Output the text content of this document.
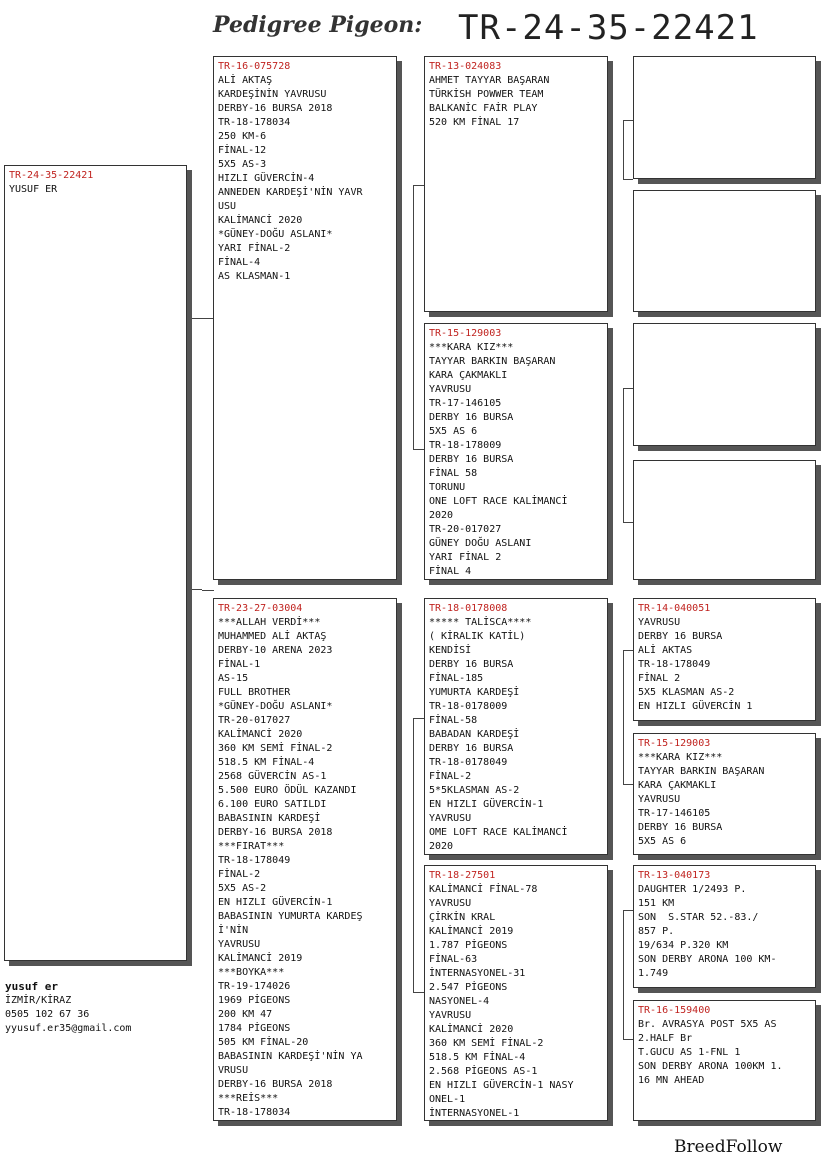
Pedigree Pigeon: TR-24-35-22421
TR-24-35-22421
YUSUF ER
TR-16-075728
ALİ AKTAŞ
KARDEŞİNİN YAVRUSU
DERBY-16 BURSA 2018
TR-18-178034
250 KM-6
FİNAL-12
5X5 AS-3
HIZLI GÜVERCİN-4
ANNEDEN KARDEŞİ'NİN YAVR
USU
KALİMANCİ 2020
*GÜNEY-DOĞU ASLANI*
YARI FİNAL-2
FİNAL-4
AS KLASMAN-1
TR-23-27-03004
***ALLAH VERDİ***
MUHAMMED ALİ AKTAŞ
DERBY-10 ARENA 2023
FİNAL-1
AS-15
FULL BROTHER
*GÜNEY-DOĞU ASLANI*
TR-20-017027
KALİMANCİ 2020
360 KM SEMİ FİNAL-2
518.5 KM FİNAL-4
2568 GÜVERCİN AS-1
5.500 EURO ÖDÜL KAZANDI
6.100 EURO SATILDI
BABASININ KARDEŞİ
DERBY-16 BURSA 2018
***FIRAT***
TR-18-178049
FİNAL-2
5X5 AS-2
EN HIZLI GÜVERCİN-1
BABASININ YUMURTA KARDEŞ
İ'NİN
YAVRUSU
KALİMANCİ 2019
***BOYKA***
TR-19-174026
1969 PİGEONS
200 KM 47
1784 PİGEONS
505 KM FİNAL-20
BABASININ KARDEŞİ'NİN YA
VRUSU
DERBY-16 BURSA 2018
***REİS***
TR-18-178034
TR-13-024083
AHMET TAYYAR BAŞARAN
TÜRKİSH POWWER TEAM
BALKANİC FAİR PLAY
520 KM FİNAL 17
TR-15-129003
***KARA KIZ***
TAYYAR BARKIN BAŞARAN
KARA ÇAKMAKLI
YAVRUSU
TR-17-146105
DERBY 16 BURSA
5X5 AS 6
TR-18-178009
DERBY 16 BURSA
FİNAL 58
TORUNU
ONE LOFT RACE KALİMANCİ
2020
TR-20-017027
GÜNEY DOĞU ASLANI
YARI FİNAL 2
FİNAL 4
TR-18-0178008
***** TALİSCA****
( KİRALIK KATİL)
KENDİSİ
DERBY 16 BURSA
FİNAL-185
YUMURTA KARDEŞİ
TR-18-0178009
FİNAL-58
BABADAN KARDEŞİ
DERBY 16 BURSA
TR-18-0178049
FİNAL-2
5*5KLASMAN AS-2
EN HIZLI GÜVERCİN-1
YAVRUSU
OME LOFT RACE KALİMANCİ
2020
TR-18-27501
KALİMANCİ FİNAL-78
YAVRUSU
ÇİRKİN KRAL
KALİMANCİ 2019
1.787 PİGEONS
FİNAL-63
İNTERNASYONEL-31
2.547 PİGEONS
NASYONEL-4
YAVRUSU
KALİMANCİ 2020
360 KM SEMİ FİNAL-2
518.5 KM FİNAL-4
2.568 PİGEONS AS-1
EN HIZLI GÜVERCİN-1 NASY
ONEL-1
İNTERNASYONEL-1
TR-14-040051
YAVRUSU
DERBY 16 BURSA
ALİ AKTAS
TR-18-178049
FİNAL 2
5X5 KLASMAN AS-2
EN HIZLI GÜVERCİN 1
TR-15-129003
***KARA KIZ***
TAYYAR BARKIN BAŞARAN
KARA ÇAKMAKLI
YAVRUSU
TR-17-146105
DERBY 16 BURSA
5X5 AS 6
TR-13-040173
DAUGHTER 1/2493 P.
151 KM
SON  S.STAR 52.-83./
857 P.
19/634 P.320 KM
SON DERBY ARONA 100 KM-
1.749
TR-16-159400
Br. AVRASYA POST 5X5 AS
2.HALF Br
T.GUCU AS 1-FNL 1
SON DERBY ARONA 100KM 1.
16 MN AHEAD
yusuf er
İZMİR/KİRAZ
0505 102 67 36
yyusuf.er35@gmail.com
BreedFollow
